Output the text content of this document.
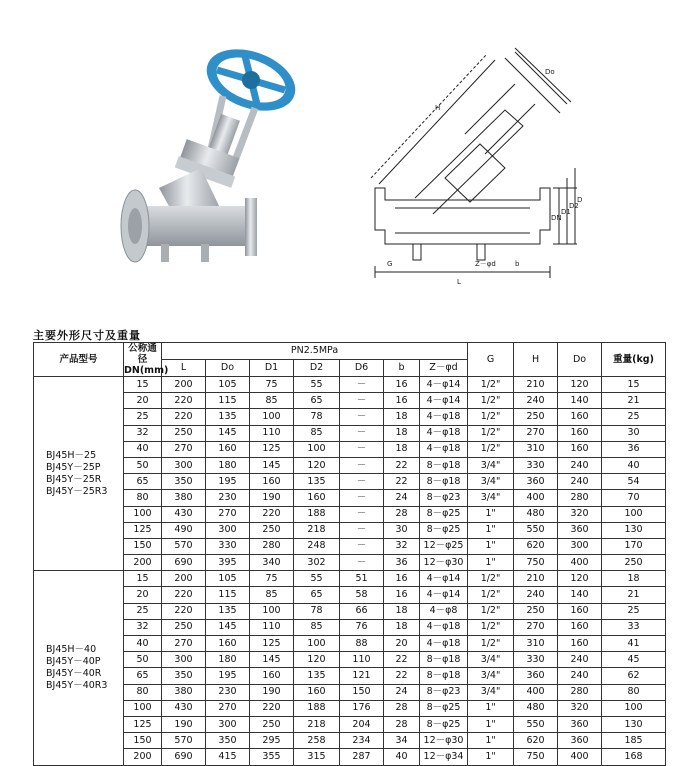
H
Do
DN
D1
D2
D
L
b
Z－φd
G
主要外形尺寸及重量
产品型号	公称通径
DN(mm)	PN2.5MPa							G	H	Do	重量(kg)
		L	Do	D1	D2	D6	b	Z－φd				
BJ45H－25
BJ45Y－25P
BJ45Y－25R
BJ45Y－25R3	15	200	105	75	55	－	16	4－φ14	1/2"	210	120	15
	20	220	115	85	65	－	16	4－φ14	1/2"	240	140	21
	25	220	135	100	78	－	18	4－φ18	1/2"	250	160	25
	32	250	145	110	85	－	18	4－φ18	1/2"	270	160	30
	40	270	160	125	100	－	18	4－φ18	1/2"	310	160	36
	50	300	180	145	120	－	22	8－φ18	3/4"	330	240	40
	65	350	195	160	135	－	22	8－φ18	3/4"	360	240	54
	80	380	230	190	160	－	24	8－φ23	3/4"	400	280	70
	100	430	270	220	188	－	28	8－φ25	1"	480	320	100
	125	490	300	250	218	－	30	8－φ25	1"	550	360	130
	150	570	330	280	248	－	32	12－φ25	1"	620	300	170
	200	690	395	340	302	－	36	12－φ30	1"	750	400	250
BJ45H－40
BJ45Y－40P
BJ45Y－40R
BJ45Y－40R3	15	200	105	75	55	51	16	4－φ14	1/2"	210	120	18
	20	220	115	85	65	58	16	4－φ14	1/2"	240	140	21
	25	220	135	100	78	66	18	4－φ8	1/2"	250	160	25
	32	250	145	110	85	76	18	4－φ18	1/2"	270	160	33
	40	270	160	125	100	88	20	4－φ18	1/2"	310	160	41
	50	300	180	145	120	110	22	8－φ18	3/4"	330	240	45
	65	350	195	160	135	121	22	8－φ18	3/4"	360	240	62
	80	380	230	190	160	150	24	8－φ23	3/4"	400	280	80
	100	430	270	220	188	176	28	8－φ25	1"	480	320	100
	125	190	300	250	218	204	28	8－φ25	1"	550	360	130
	150	570	350	295	258	234	34	12－φ30	1"	620	360	185
	200	690	415	355	315	287	40	12－φ34	1"	750	400	168
